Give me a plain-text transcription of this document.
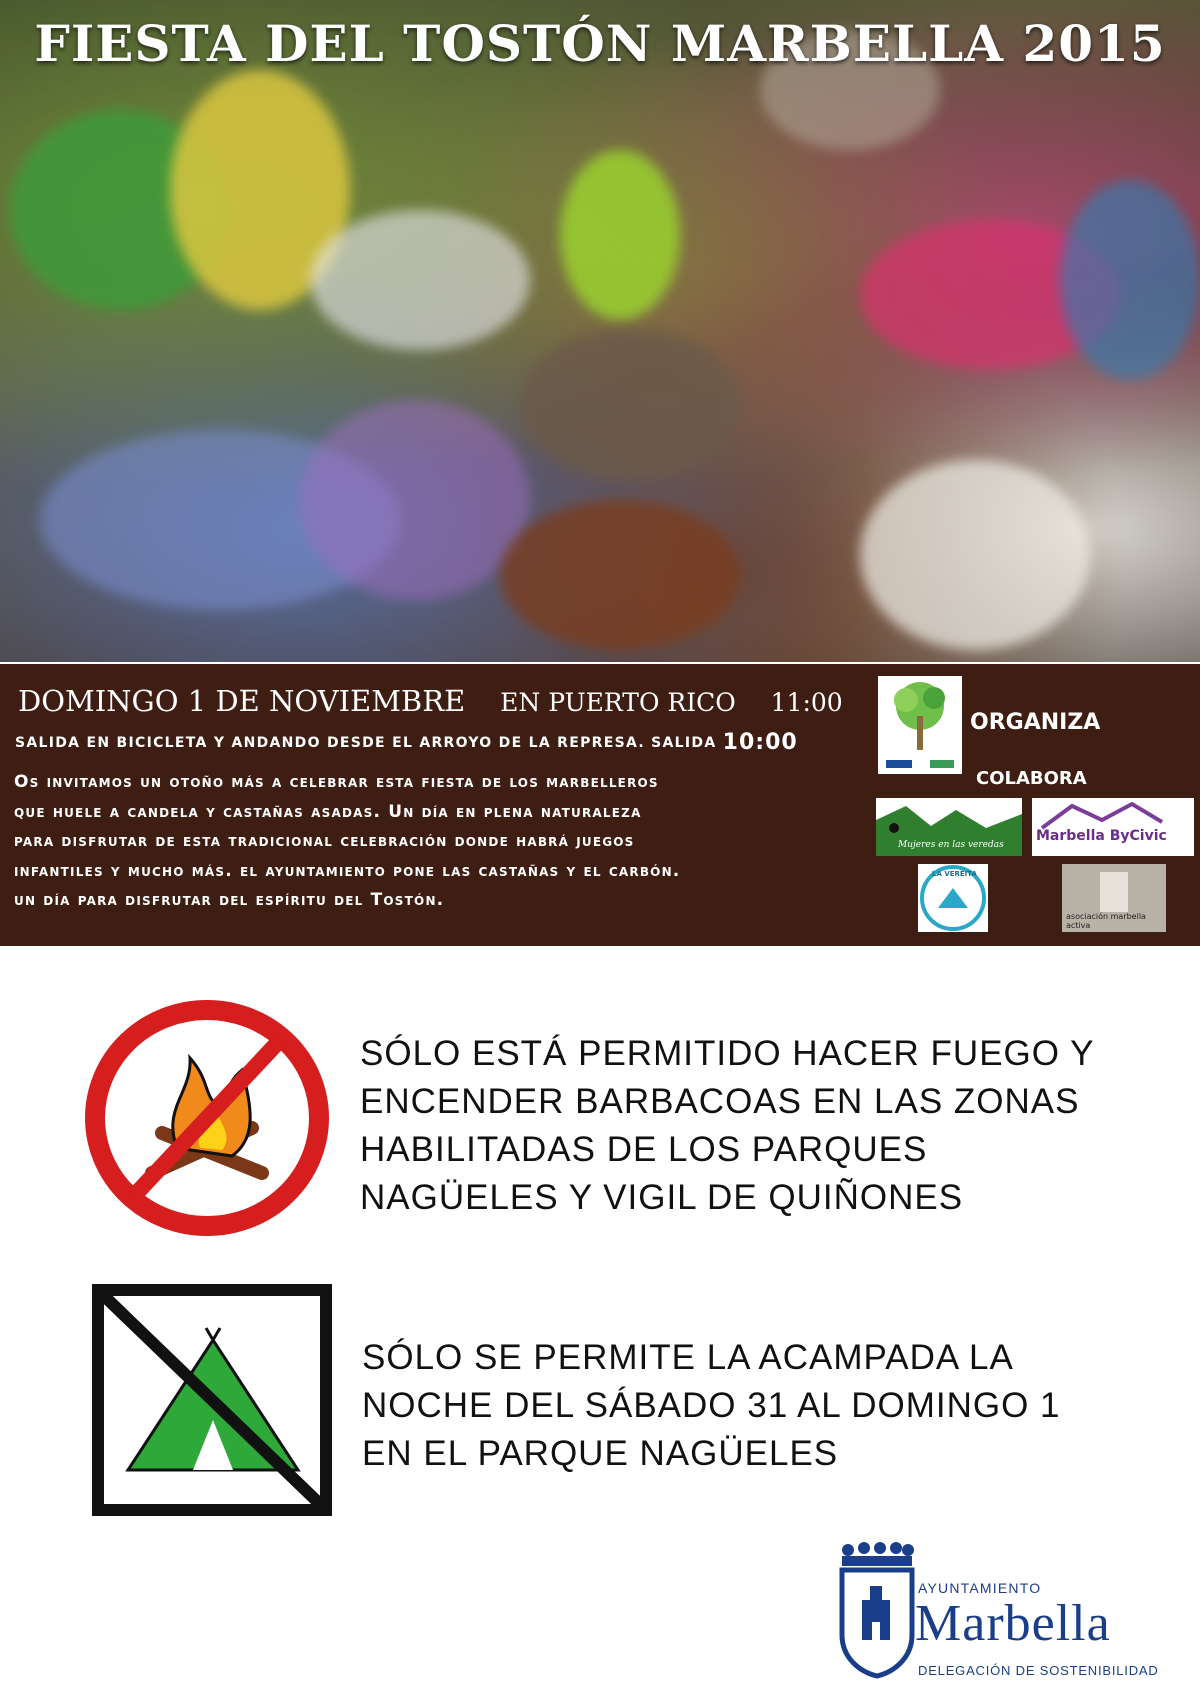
FIESTA DEL TOSTÓN MARBELLA 2015
DOMINGO 1 DE NOVIEMBRE EN PUERTO RICO 11:00
SALIDA EN BICICLETA Y ANDANDO DESDE EL ARROYO DE LA REPRESA. SALIDA 10:00
Os invitamos un otoño más a celebrar esta fiesta de los marbelleros
que huele a candela y castañas asadas. Un día en plena naturaleza
para disfrutar de esta tradicional celebración donde habrá juegos
infantiles y mucho más. el ayuntamiento pone las castañas y el carbón.
un día para disfrutar del espíritu del Tostón.
ORGANIZA
COLABORA
Mujeres en las veredas
Marbella ByCivic
LA VEREITA
asociación marbella activa
SÓLO ESTÁ PERMITIDO HACER FUEGO Y
ENCENDER BARBACOAS EN LAS ZONAS
HABILITADAS DE LOS PARQUES
NAGÜELES Y VIGIL DE QUIÑONES
SÓLO SE PERMITE LA ACAMPADA LA
NOCHE DEL SÁBADO 31 AL DOMINGO 1
EN EL PARQUE NAGÜELES
AYUNTAMIENTO
Marbella
DELEGACIÓN DE SOSTENIBILIDAD
